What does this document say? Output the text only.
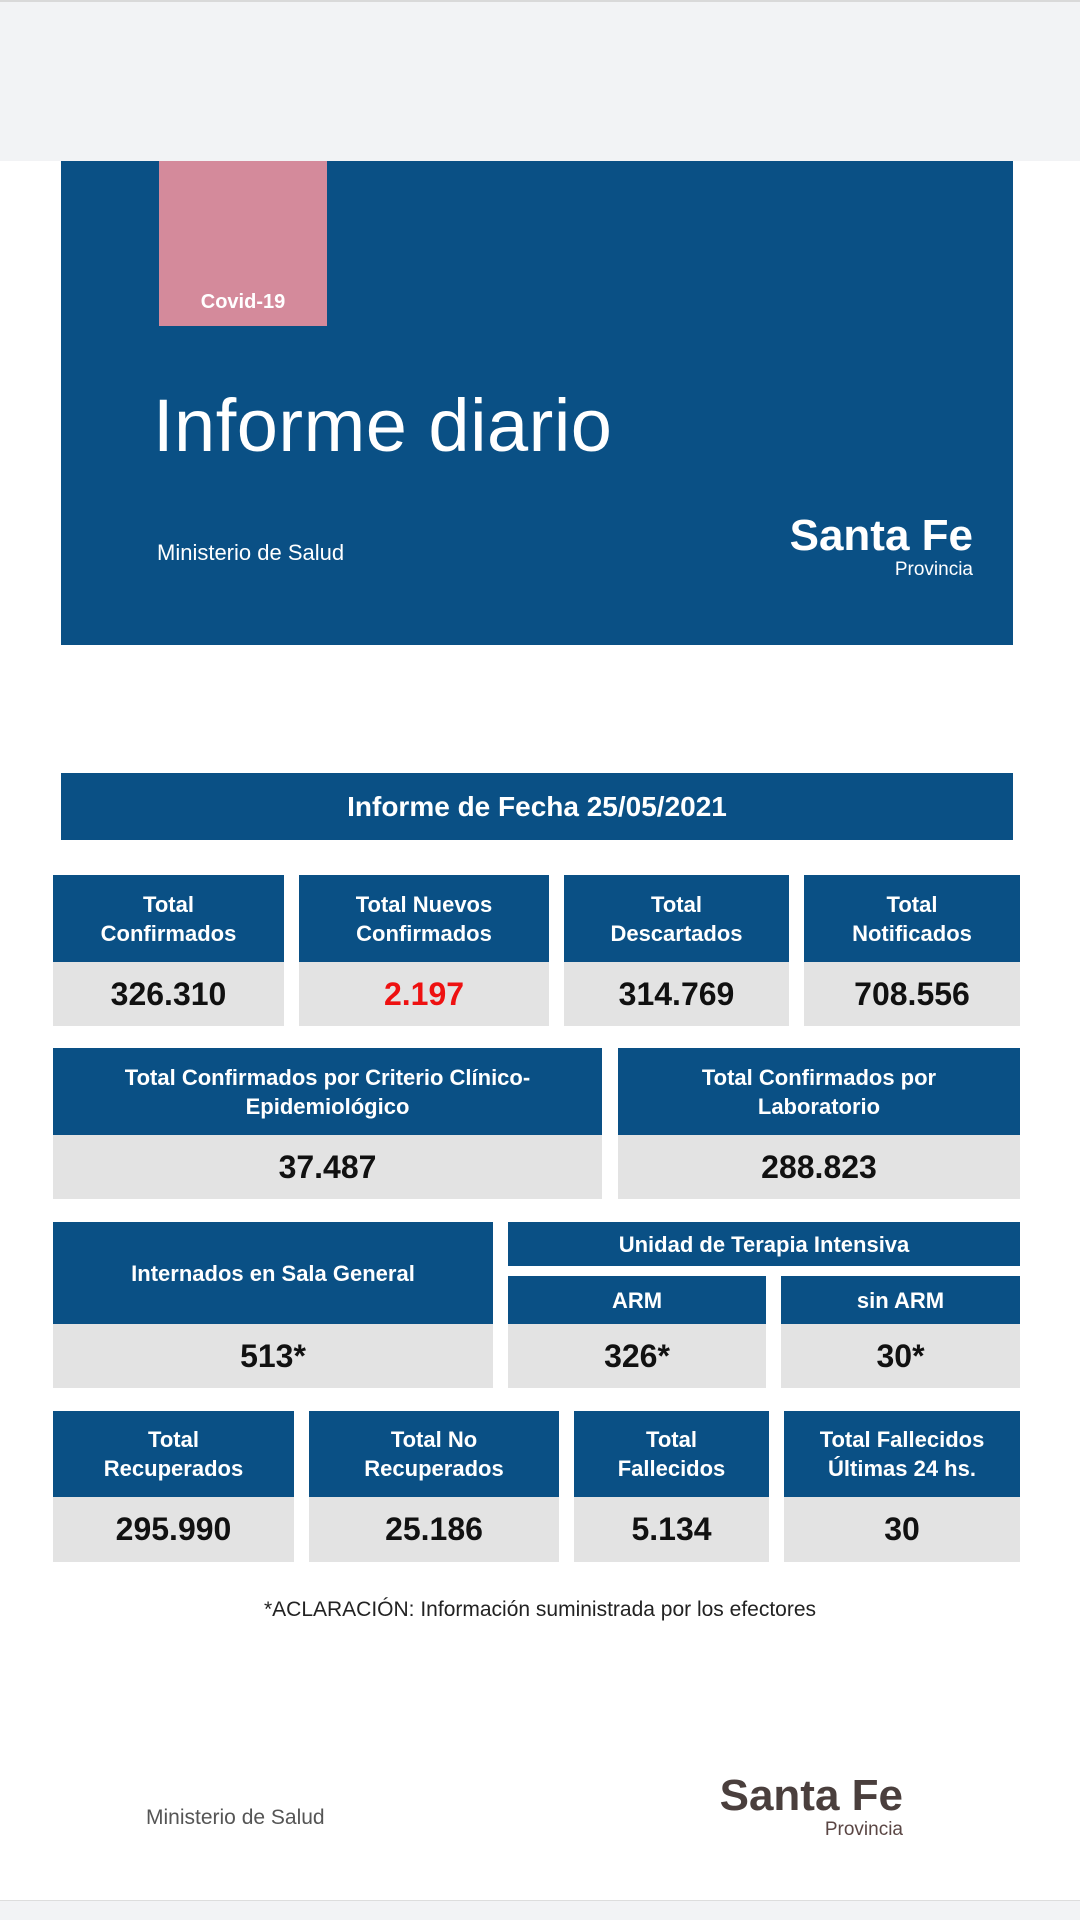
Covid-19
Informe diario
Ministerio de Salud	Santa Fe
Provincia
Informe de Fecha 25/05/2021
Total
Confirmados
326.310
Total Nuevos
Confirmados
2.197
Total
Descartados
314.769
Total
Notificados
708.556
Total Confirmados por Criterio Clínico-
Epidemiológico
37.487
Total Confirmados por
Laboratorio
288.823
Internados en Sala General
513*
Unidad de Terapia Intensiva
ARM
326*
sin ARM
30*
Total
Recuperados
295.990
Total No
Recuperados
25.186
Total
Fallecidos
5.134
Total Fallecidos
Últimas 24 hs.
30
*ACLARACIÓN: Información suministrada por los efectores
Ministerio de Salud	Santa Fe
Provincia
